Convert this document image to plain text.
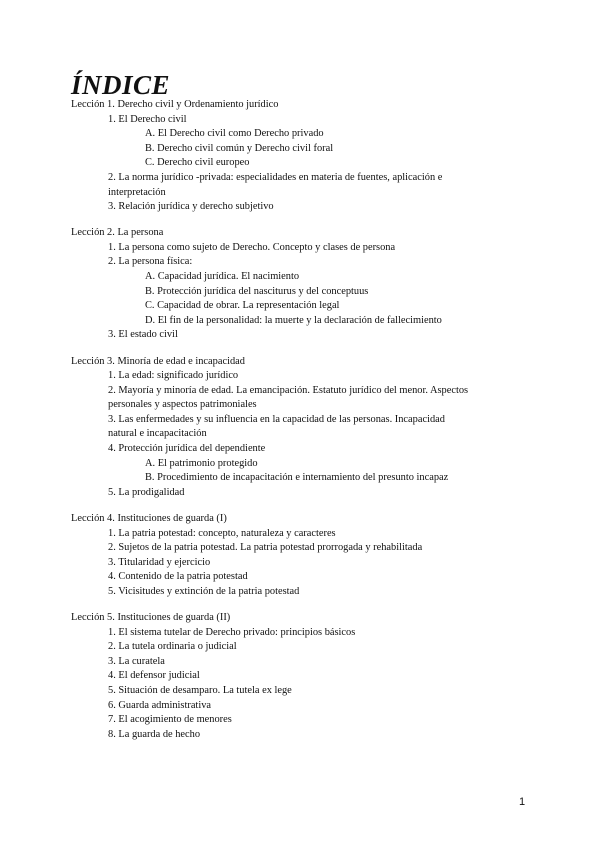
ÍNDICE
Lección 1. Derecho civil y Ordenamiento jurídico
1. El Derecho civil
A. El Derecho civil como Derecho privado
B. Derecho civil común y Derecho civil foral
C. Derecho civil europeo
2. La norma jurídico -privada: especialidades en materia de fuentes, aplicación e interpretación
3. Relación jurídica y derecho subjetivo
Lección 2. La persona
1. La persona como sujeto de Derecho. Concepto y clases de persona
2. La persona física:
A. Capacidad jurídica. El nacimiento
B. Protección jurídica del nasciturus y del conceptuus
C. Capacidad de obrar. La representación legal
D. El fin de la personalidad: la muerte y la declaración de fallecimiento
3. El estado civil
Lección 3. Minoría de edad e incapacidad
1. La edad: significado jurídico
2. Mayoría y minoría de edad. La emancipación. Estatuto jurídico del menor. Aspectos personales y aspectos patrimoniales
3. Las enfermedades y su influencia en la capacidad de las personas. Incapacidad natural e incapacitación
4. Protección jurídica del dependiente
A. El patrimonio protegido
B. Procedimiento de incapacitación e internamiento del presunto incapaz
5. La prodigalidad
Lección 4. Instituciones de guarda (I)
1. La patria potestad: concepto, naturaleza y caracteres
2. Sujetos de la patria potestad. La patria potestad prorrogada y rehabilitada
3. Titularidad y ejercicio
4. Contenido de la patria potestad
5. Vicisitudes y extinción de la patria potestad
Lección 5. Instituciones de guarda (II)
1. El sistema tutelar de Derecho privado: principios básicos
2. La tutela ordinaria o judicial
3. La curatela
4. El defensor judicial
5. Situación de desamparo. La tutela ex lege
6. Guarda administrativa
7. El acogimiento de menores
8. La guarda de hecho
1
